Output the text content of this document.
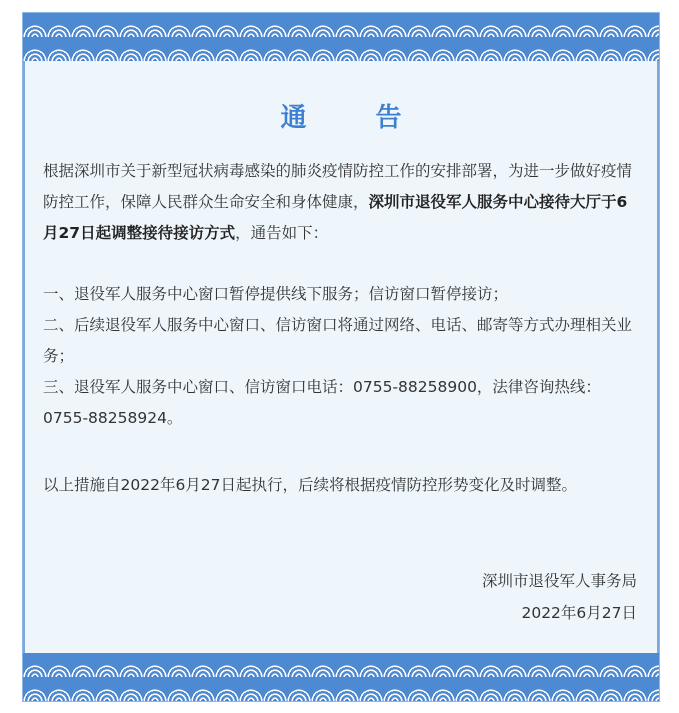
通 告

根据深圳市关于新型冠状病毒感染的肺炎疫情防控工作的安排部署，为进一步做好疫情防控工作，保障人民群众生命安全和身体健康，深圳市退役军人服务中心接待大厅于6月27日起调整接待接访方式，通告如下：

一、退役军人服务中心窗口暂停提供线下服务；信访窗口暂停接访；
二、后续退役军人服务中心窗口、信访窗口将通过网络、电话、邮寄等方式办理相关业务；
三、退役军人服务中心窗口、信访窗口电话：0755-88258900，法律咨询热线：0755-88258924。

以上措施自2022年6月27日起执行，后续将根据疫情防控形势变化及时调整。

深圳市退役军人事务局
2022年6月27日
